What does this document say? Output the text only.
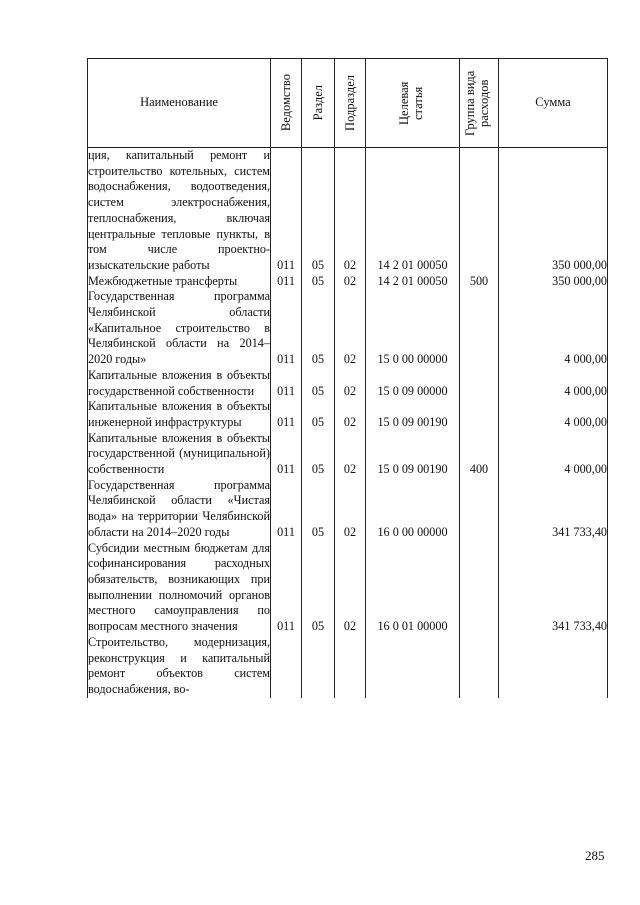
Наименование	Ведомство	Раздел	Подраздел	Целевая статья	Группа вида расходов	Сумма
ция, капитальный ремонт и строительство котельных, систем водоснабжения, водоотведения, систем электроснабжения, теплоснабжения, включая центральные тепловые пункты, в том числе проектно-изыскательские работы	011	05	02	14 2 01 00050		350 000,00
Межбюджетные трансферты	011	05	02	14 2 01 00050	500	350 000,00
Государственная программа Челябинской области «Капитальное строительство в Челябинской области на 2014–2020 годы»	011	05	02	15 0 00 00000		4 000,00
Капитальные вложения в объекты государственной собственности	011	05	02	15 0 09 00000		4 000,00
Капитальные вложения в объекты инженерной инфраструктуры	011	05	02	15 0 09 00190		4 000,00
Капитальные вложения в объекты государственной (муниципальной) собственности	011	05	02	15 0 09 00190	400	4 000,00
Государственная программа Челябинской области «Чистая вода» на территории Челябинской области на 2014–2020 годы	011	05	02	16 0 00 00000		341 733,40
Субсидии местным бюджетам для софинансирования расходных обязательств, возникающих при выполнении полномочий органов местного самоуправления по вопросам местного значения	011	05	02	16 0 01 00000		341 733,40
Строительство, модернизация, реконструкция и капитальный ремонт объектов систем водоснабжения, во-						
285
